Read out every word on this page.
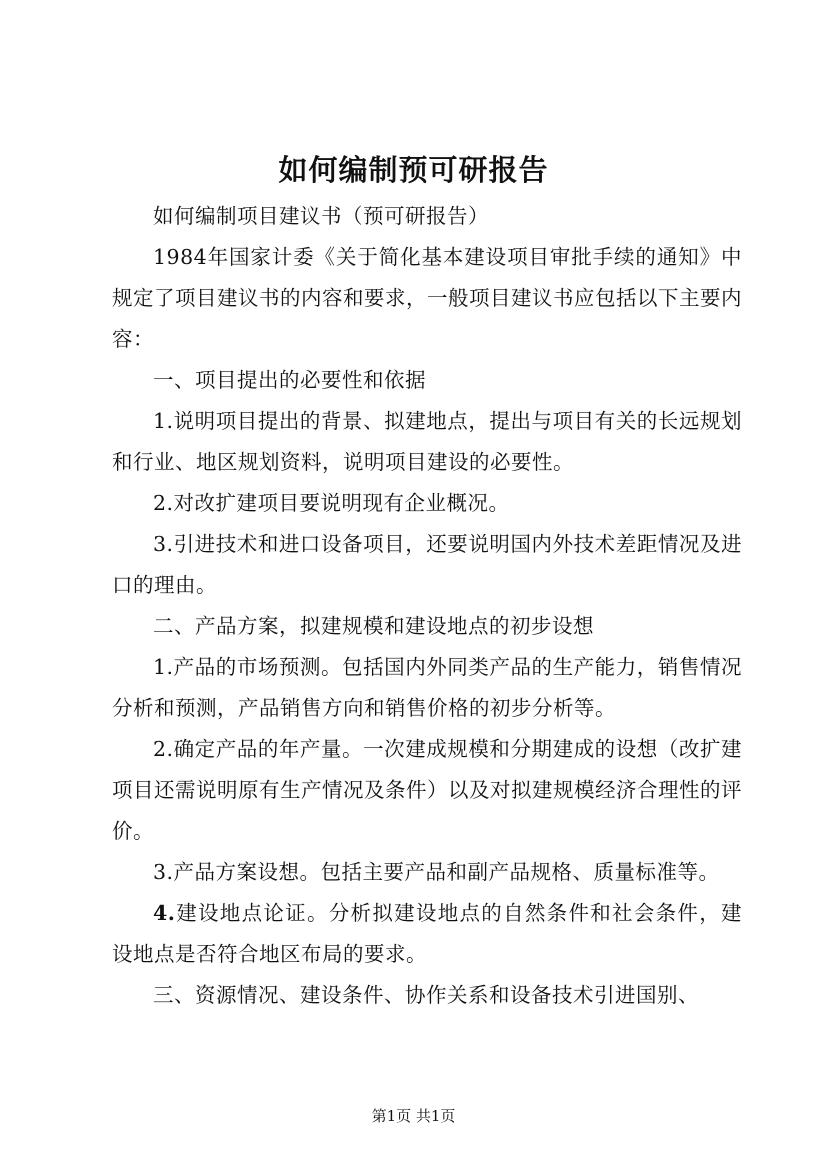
如何编制预可研报告

如何编制项目建议书（预可研报告）

1984年国家计委《关于简化基本建设项目审批手续的通知》中规定了项目建议书的内容和要求，一般项目建议书应包括以下主要内容：

一、项目提出的必要性和依据

1.说明项目提出的背景、拟建地点，提出与项目有关的长远规划和行业、地区规划资料，说明项目建设的必要性。

2.对改扩建项目要说明现有企业概况。

3.引进技术和进口设备项目，还要说明国内外技术差距情况及进口的理由。

二、产品方案，拟建规模和建设地点的初步设想

1.产品的市场预测。包括国内外同类产品的生产能力，销售情况分析和预测，产品销售方向和销售价格的初步分析等。

2.确定产品的年产量。一次建成规模和分期建成的设想（改扩建项目还需说明原有生产情况及条件）以及对拟建规模经济合理性的评价。

3.产品方案设想。包括主要产品和副产品规格、质量标准等。

4.建设地点论证。分析拟建设地点的自然条件和社会条件，建设地点是否符合地区布局的要求。

三、资源情况、建设条件、协作关系和设备技术引进国别、

第1页 共1页
